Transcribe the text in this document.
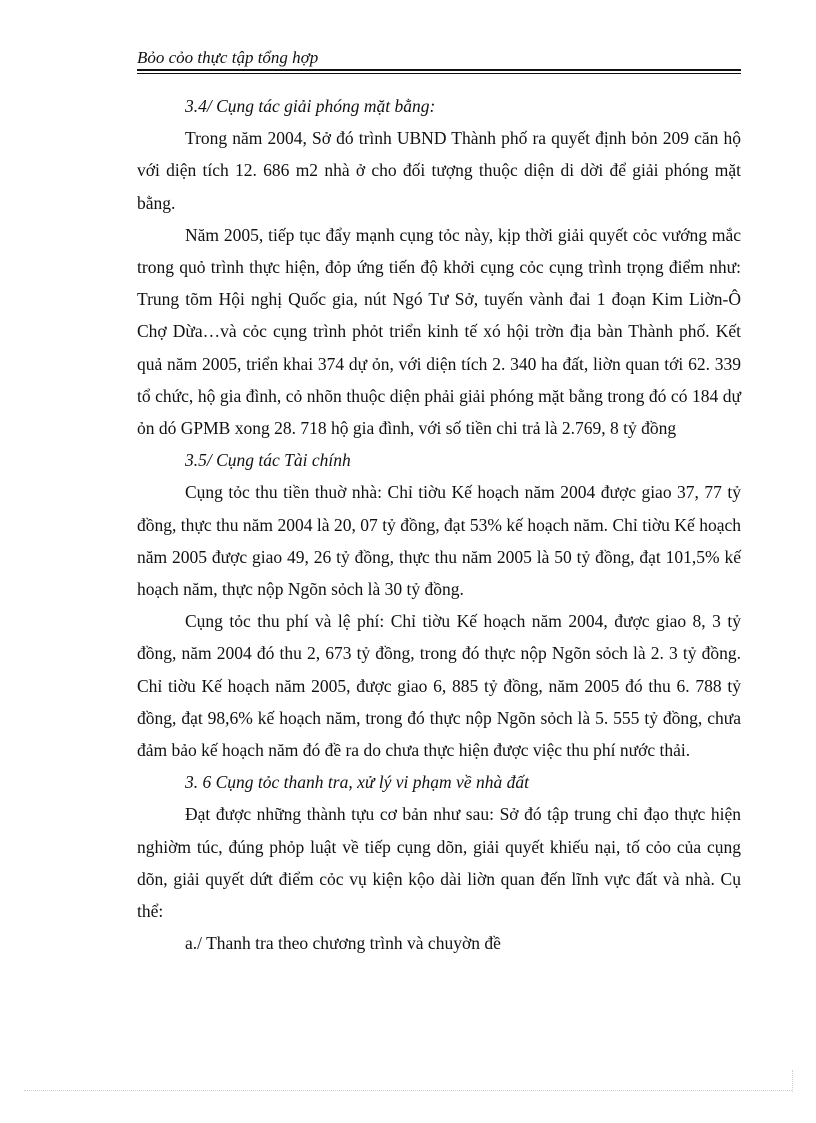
Bỏo cỏo thực tập tổng hợp

3.4/ Cụng tác giải phóng mặt bằng:

Trong năm 2004, Sở đó trình UBND Thành phố ra quyết định bỏn 209 căn hộ với diện tích 12. 686 m2 nhà ở cho đối tượng thuộc diện di dời để giải phóng mặt bằng.

Năm 2005, tiếp tục đẩy mạnh cụng tỏc này, kịp thời giải quyết cỏc vướng mắc trong quỏ trình thực hiện, đỏp ứng tiến độ khởi cụng cỏc cụng trình trọng điểm như: Trung tõm Hội nghị Quốc gia, nút Ngó Tư Sở, tuyến vành đai 1 đoạn Kim Liờn-Ô Chợ Dừa…và cỏc cụng trình phỏt triển kinh tế xó hội trờn địa bàn Thành phố. Kết quả năm 2005, triển khai 374 dự ỏn, với diện tích 2. 340 ha đất, liờn quan tới 62. 339 tổ chức, hộ gia đình, cỏ nhõn thuộc diện phải giải phóng mặt bằng trong đó có 184 dự ỏn dó GPMB xong 28. 718 hộ gia đình, với số tiền chi trả là 2.769, 8 tỷ đồng

3.5/ Cụng tác Tài chính

Cụng tỏc thu tiền thuờ nhà: Chỉ tiờu Kế hoạch năm 2004 được giao 37, 77 tỷ đồng, thực thu năm 2004 là 20, 07 tỷ đồng, đạt 53% kế hoạch năm. Chỉ tiờu Kế hoạch năm 2005 được giao 49, 26 tỷ đồng, thực thu năm 2005 là 50 tỷ đồng, đạt 101,5% kế hoạch năm, thực nộp Ngõn sỏch là 30 tỷ đồng.

Cụng tỏc thu phí và lệ phí: Chỉ tiờu Kế hoạch năm 2004, được giao 8, 3 tỷ đồng, năm 2004 đó thu 2, 673 tỷ đồng, trong đó thực nộp Ngõn sỏch là 2. 3 tỷ đồng. Chỉ tiờu Kế hoạch năm 2005, được giao 6, 885 tỷ đồng, năm 2005 đó thu 6. 788 tỷ đồng, đạt 98,6% kế hoạch năm, trong đó thực nộp Ngõn sỏch là 5. 555 tỷ đồng, chưa đảm bảo kế hoạch năm đó đề ra do chưa thực hiện được việc thu phí nước thải.

3. 6 Cụng tỏc thanh tra, xử lý vi phạm về nhà đất

Đạt được những thành tựu cơ bản như sau: Sở đó tập trung chỉ đạo thực hiện nghiờm túc, đúng phỏp luật về tiếp cụng dõn, giải quyết khiếu nại, tố cỏo của cụng dõn, giải quyết dứt điểm cỏc vụ kiện kộo dài liờn quan đến lĩnh vực đất và nhà. Cụ thể:

a./ Thanh tra theo chương trình và chuyờn đề
